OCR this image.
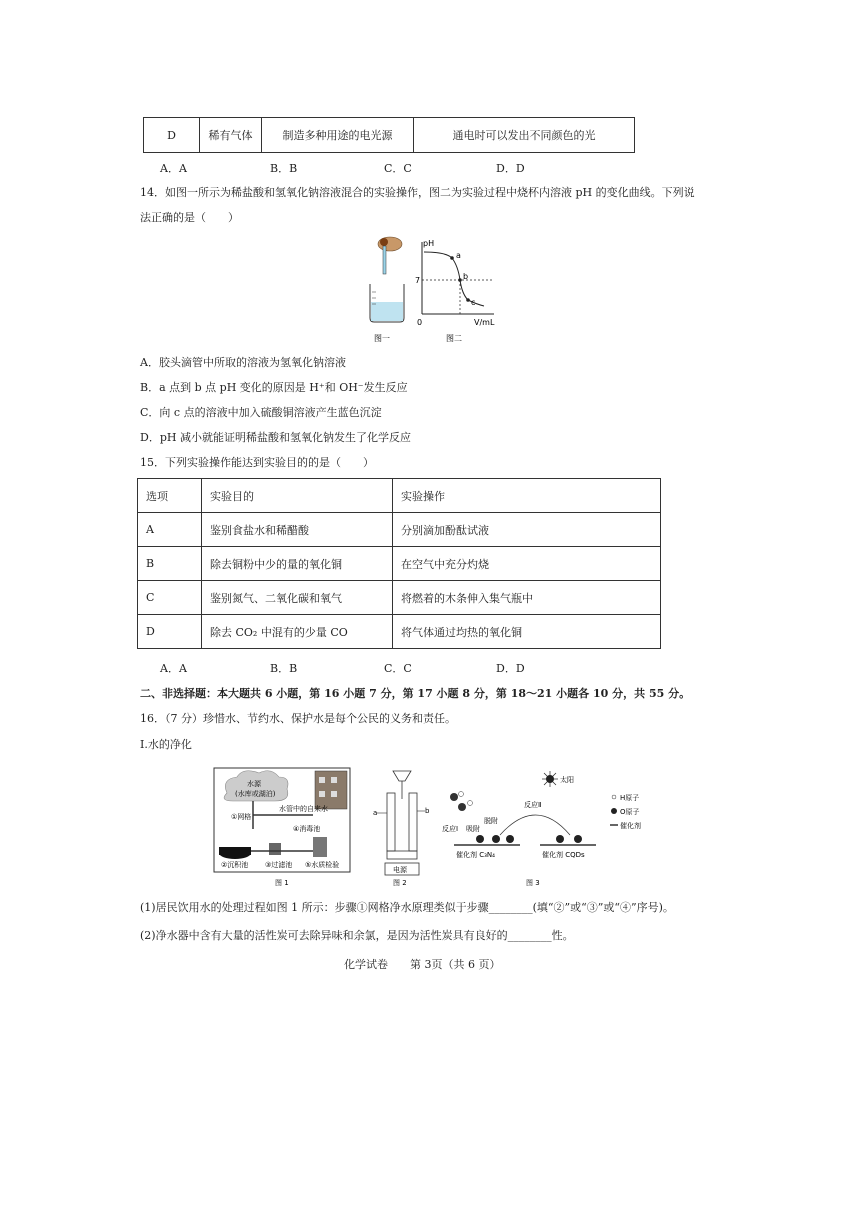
D	稀有气体	制造多种用途的电光源	通电时可以发出不同颜色的光
A．A	B．B	C．C	D．D
14．如图一所示为稀盐酸和氢氧化钠溶液混合的实验操作，图二为实验过程中烧杯内溶液 pH 的变化曲线。下列说
法正确的是（　　）
pH
V/mL
7
0
a
b
c
图一	图二
A．胶头滴管中所取的溶液为氢氧化钠溶液
B．a 点到 b 点 pH 变化的原因是 H⁺和 OH⁻发生反应
C．向 c 点的溶液中加入硫酸铜溶液产生蓝色沉淀
D．pH 减小就能证明稀盐酸和氢氧化钠发生了化学反应
15．下列实验操作能达到实验目的的是（　　）
选项	实验目的	实验操作
A	鉴别食盐水和稀醋酸	分别滴加酚酞试液
B	除去铜粉中少的量的氧化铜	在空气中充分灼烧
C	鉴别氮气、二氧化碳和氧气	将燃着的木条伸入集气瓶中
D	除去 CO₂ 中混有的少量 CO	将气体通过均热的氧化铜
A．A	B．B	C．C	D．D
二、非选择题：本大题共 6 小题，第 16 小题 7 分，第 17 小题 8 分，第 18～21 小题各 10 分，共 55 分。
16．（7 分）珍惜水、节约水、保护水是每个公民的义务和责任。
Ⅰ.水的净化
水源
(水库或湖泊)
①网格
水管中的自来水
④消毒池
②沉积池 ③过滤池 ⑤水质检验
图 1
电源
a	b
图 2
太阳
反应Ⅰ 吸附
脱附
反应Ⅱ
催化剂 C₃N₄	催化剂 CQDs
H原子
O原子
催化剂
图 3
(1)居民饮用水的处理过程如图 1 所示：步骤①网格净水原理类似于步骤________(填“②”或“③”或“④”序号)。
(2)净水器中含有大量的活性炭可去除异味和余氯，是因为活性炭具有良好的________性。
化学试卷　　第 3页（共 6 页）
